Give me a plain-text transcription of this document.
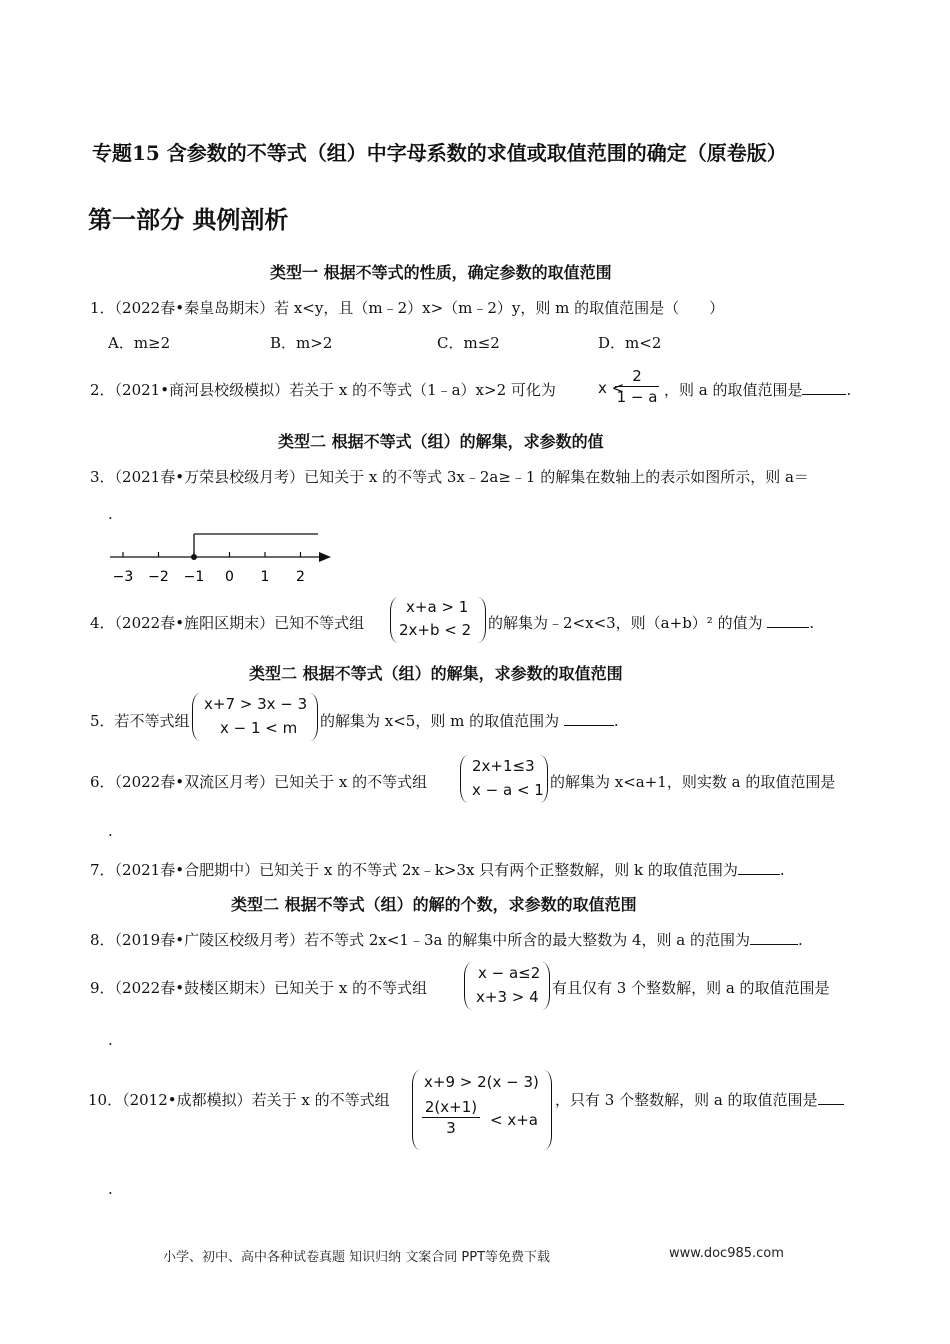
专题15 含参数的不等式（组）中字母系数的求值或取值范围的确定（原卷版）
第一部分 典例剖析
类型一 根据不等式的性质，确定参数的取值范围
1．（2022春•秦皇岛期末）若 x<y，且（m﹣2）x>（m﹣2）y，则 m 的取值范围是（　　）
A．m≥2	B．m>2	C．m≤2	D．m<2
2．（2021•商河县校级模拟）若关于 x 的不等式（1﹣a）x>2 可化为	x <
2
1 − a ，则 a 的取值范围是	.
类型二 根据不等式（组）的解集，求参数的值
3．（2021春•万荣县校级月考）已知关于 x 的不等式 3x﹣2a≥﹣1 的解集在数轴上的表示如图所示，则 a＝
.
−3 −2 −1 0 1 2
4．（2022春•旌阳区期末）已知不等式组
x+a > 1
2x+b < 2 的解集为﹣2<x<3，则（a+b）² 的值为	.
类型二 根据不等式（组）的解集，求参数的取值范围
5．若不等式组
x+7 > 3x − 3
x − 1 < m 的解集为 x<5，则 m 的取值范围为	.
6．（2022春•双流区月考）已知关于 x 的不等式组
2x+1≤3
x − a < 1 的解集为 x<a+1，则实数 a 的取值范围是
.
7．（2021春•合肥期中）已知关于 x 的不等式 2x﹣k>3x 只有两个正整数解，则 k 的取值范围为	.
类型二 根据不等式（组）的解的个数，求参数的取值范围
8．（2019春•广陵区校级月考）若不等式 2x<1﹣3a 的解集中所含的最大整数为 4，则 a 的范围为	.
9．（2022春•鼓楼区期末）已知关于 x 的不等式组
x − a≤2
x+3 > 4 有且仅有 3 个整数解，则 a 的取值范围是
.
10．（2012•成都模拟）若关于 x 的不等式组
x+9 > 2(x − 3)
2(x+1)
3	< x+a
，只有 3 个整数解，则 a 的取值范围是
.
小学、初中、高中各种试卷真题 知识归纳 文案合同 PPT等免费下载	www.doc985.com
